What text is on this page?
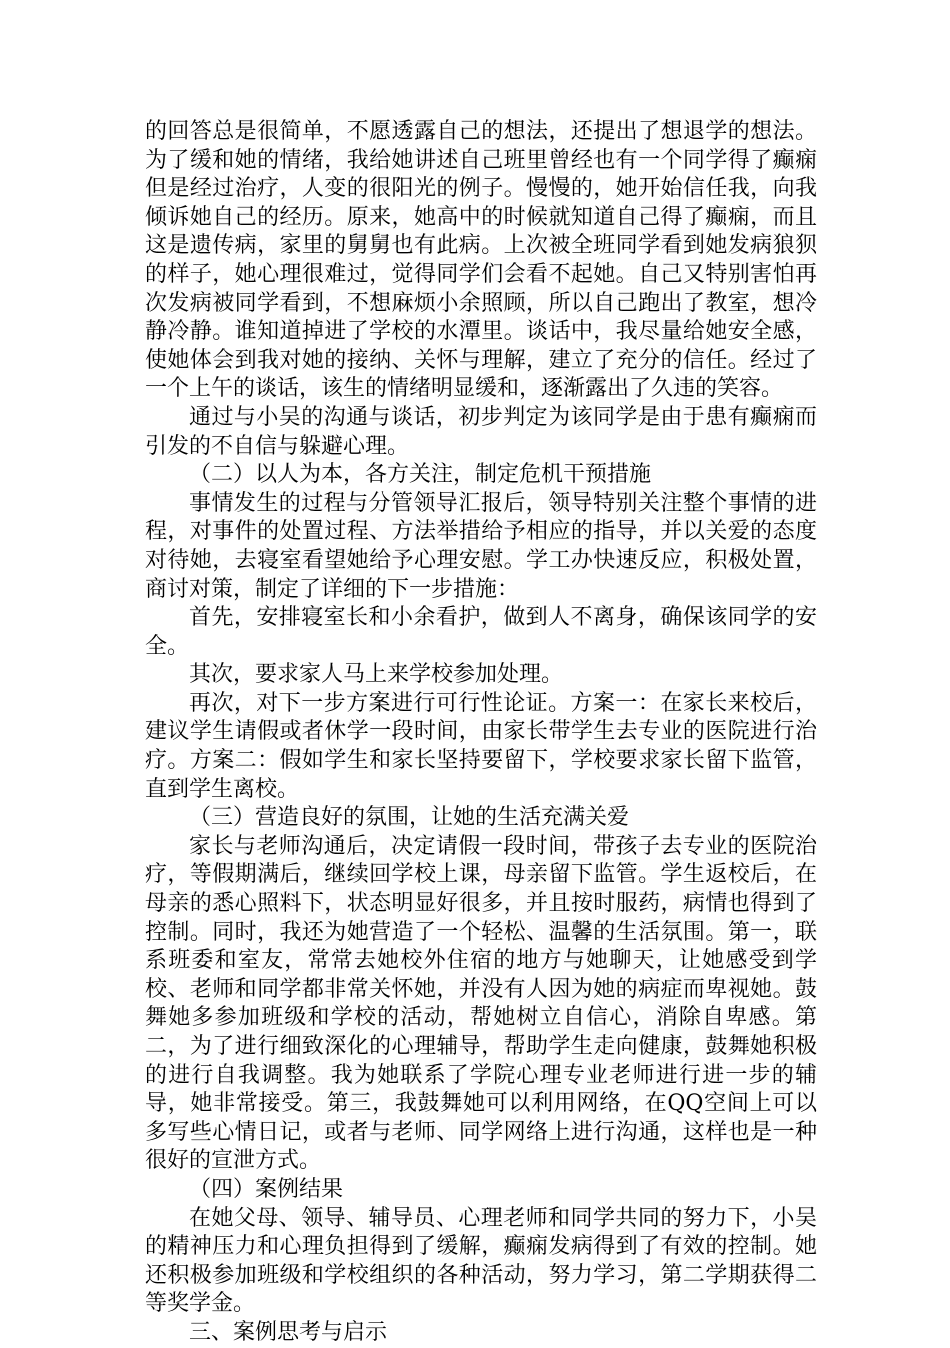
的回答总是很简单，不愿透露自己的想法，还提出了想退学的想法。为了缓和她的情绪，我给她讲述自己班里曾经也有一个同学得了癫痫但是经过治疗，人变的很阳光的例子。慢慢的，她开始信任我，向我倾诉她自己的经历。原来，她高中的时候就知道自己得了癫痫，而且这是遗传病，家里的舅舅也有此病。上次被全班同学看到她发病狼狈的样子，她心理很难过，觉得同学们会看不起她。自己又特别害怕再次发病被同学看到，不想麻烦小余照顾，所以自己跑出了教室，想冷静冷静。谁知道掉进了学校的水潭里。谈话中，我尽量给她安全感，使她体会到我对她的接纳、关怀与理解，建立了充分的信任。经过了一个上午的谈话，该生的情绪明显缓和，逐渐露出了久违的笑容。

通过与小吴的沟通与谈话，初步判定为该同学是由于患有癫痫而引发的不自信与躲避心理。

（二）以人为本，各方关注，制定危机干预措施

事情发生的过程与分管领导汇报后，领导特别关注整个事情的进程，对事件的处置过程、方法举措给予相应的指导，并以关爱的态度对待她，去寝室看望她给予心理安慰。学工办快速反应，积极处置，商讨对策，制定了详细的下一步措施：

首先，安排寝室长和小余看护，做到人不离身，确保该同学的安全。

其次，要求家人马上来学校参加处理。

再次，对下一步方案进行可行性论证。方案一：在家长来校后，建议学生请假或者休学一段时间，由家长带学生去专业的医院进行治疗。方案二：假如学生和家长坚持要留下，学校要求家长留下监管，直到学生离校。

（三）营造良好的氛围，让她的生活充满关爱

家长与老师沟通后，决定请假一段时间，带孩子去专业的医院治疗，等假期满后，继续回学校上课，母亲留下监管。学生返校后，在母亲的悉心照料下，状态明显好很多，并且按时服药，病情也得到了控制。同时，我还为她营造了一个轻松、温馨的生活氛围。第一，联系班委和室友，常常去她校外住宿的地方与她聊天，让她感受到学校、老师和同学都非常关怀她，并没有人因为她的病症而卑视她。鼓舞她多参加班级和学校的活动，帮她树立自信心，消除自卑感。第二，为了进行细致深化的心理辅导，帮助学生走向健康，鼓舞她积极的进行自我调整。我为她联系了学院心理专业老师进行进一步的辅导，她非常接受。第三，我鼓舞她可以利用网络，在QQ空间上可以多写些心情日记，或者与老师、同学网络上进行沟通，这样也是一种很好的宣泄方式。

（四）案例结果

在她父母、领导、辅导员、心理老师和同学共同的努力下，小吴的精神压力和心理负担得到了缓解，癫痫发病得到了有效的控制。她还积极参加班级和学校组织的各种活动，努力学习，第二学期获得二等奖学金。

三、案例思考与启示
